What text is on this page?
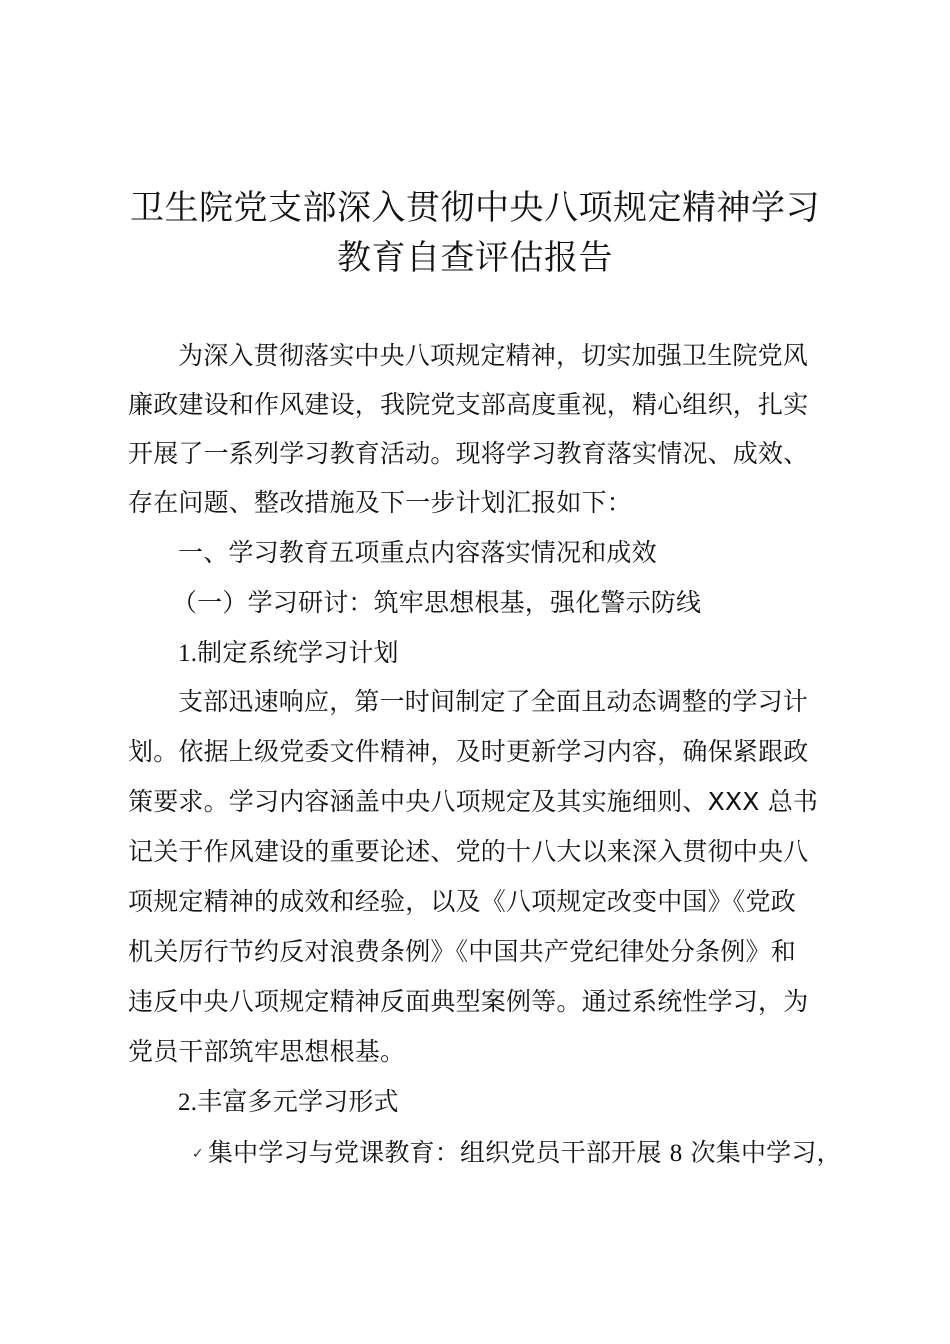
卫生院党支部深入贯彻中央八项规定精神学习
教育自查评估报告
为深入贯彻落实中央八项规定精神，切实加强卫生院党风
廉政建设和作风建设，我院党支部高度重视，精心组织，扎实
开展了一系列学习教育活动。现将学习教育落实情况、成效、
存在问题、整改措施及下一步计划汇报如下：
一、学习教育五项重点内容落实情况和成效
（一）学习研讨：筑牢思想根基，强化警示防线
1.制定系统学习计划
支部迅速响应，第一时间制定了全面且动态调整的学习计
划。依据上级党委文件精神，及时更新学习内容，确保紧跟政
策要求。学习内容涵盖中央八项规定及其实施细则、XXX 总书
记关于作风建设的重要论述、党的十八大以来深入贯彻中央八
项规定精神的成效和经验，以及《八项规定改变中国》《党政
机关厉行节约反对浪费条例》《中国共产党纪律处分条例》和
违反中央八项规定精神反面典型案例等。通过系统性学习，为
党员干部筑牢思想根基。
2.丰富多元学习形式
✓ 集中学习与党课教育：组织党员干部开展 8 次集中学习，
